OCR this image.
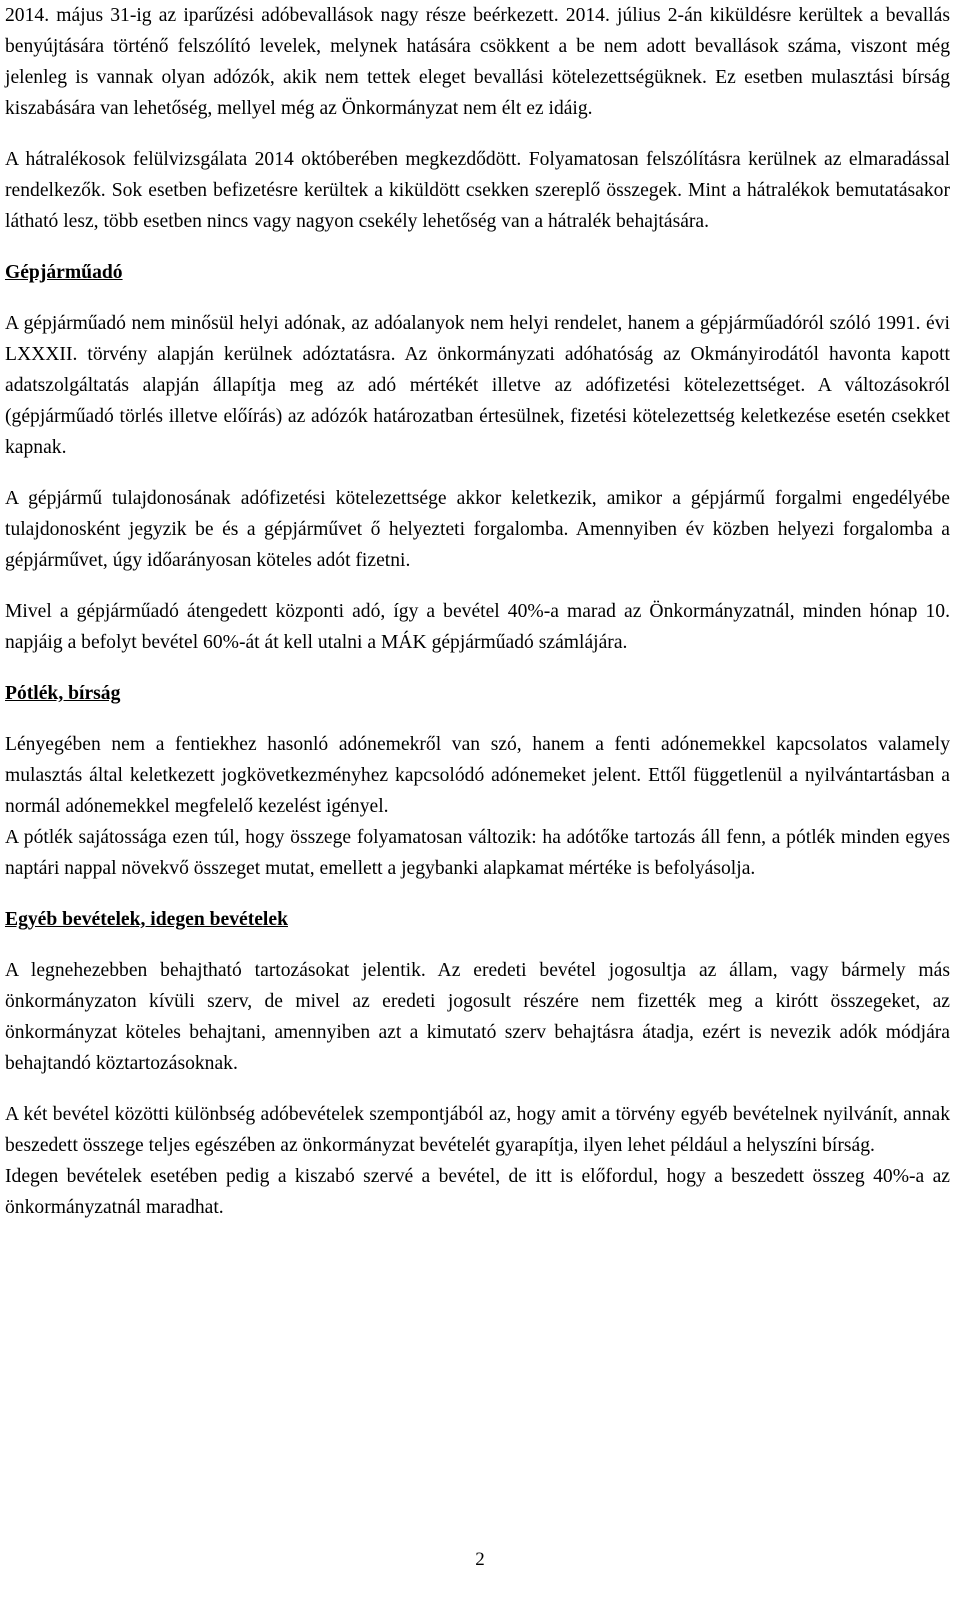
2014. május 31-ig az iparűzési adóbevallások nagy része beérkezett. 2014. július 2-án kiküldésre kerültek a bevallás benyújtására történő felszólító levelek, melynek hatására csökkent a be nem adott bevallások száma, viszont még jelenleg is vannak olyan adózók, akik nem tettek eleget bevallási kötelezettségüknek. Ez esetben mulasztási bírság kiszabására van lehetőség, mellyel még az Önkormányzat nem élt ez idáig.

A hátralékosok felülvizsgálata 2014 októberében megkezdődött. Folyamatosan felszólításra kerülnek az elmaradással rendelkezők. Sok esetben befizetésre kerültek a kiküldött csekken szereplő összegek. Mint a hátralékok bemutatásakor látható lesz, több esetben nincs vagy nagyon csekély lehetőség van a hátralék behajtására.

Gépjárműadó

A gépjárműadó nem minősül helyi adónak, az adóalanyok nem helyi rendelet, hanem a gépjárműadóról szóló 1991. évi LXXXII. törvény alapján kerülnek adóztatásra. Az önkormányzati adóhatóság az Okmányirodától havonta kapott adatszolgáltatás alapján állapítja meg az adó mértékét illetve az adófizetési kötelezettséget. A változásokról (gépjárműadó törlés illetve előírás) az adózók határozatban értesülnek, fizetési kötelezettség keletkezése esetén csekket kapnak.

A gépjármű tulajdonosának adófizetési kötelezettsége akkor keletkezik, amikor a gépjármű forgalmi engedélyébe tulajdonosként jegyzik be és a gépjárművet ő helyezteti forgalomba. Amennyiben év közben helyezi forgalomba a gépjárművet, úgy időarányosan köteles adót fizetni.

Mivel a gépjárműadó átengedett központi adó, így a bevétel 40%-a marad az Önkormányzatnál, minden hónap 10. napjáig a befolyt bevétel 60%-át át kell utalni a MÁK gépjárműadó számlájára.

Pótlék, bírság

Lényegében nem a fentiekhez hasonló adónemekről van szó, hanem a fenti adónemekkel kapcsolatos valamely mulasztás által keletkezett jogkövetkezményhez kapcsolódó adónemeket jelent. Ettől függetlenül a nyilvántartásban a normál adónemekkel megfelelő kezelést igényel.

A pótlék sajátossága ezen túl, hogy összege folyamatosan változik: ha adótőke tartozás áll fenn, a pótlék minden egyes naptári nappal növekvő összeget mutat, emellett a jegybanki alapkamat mértéke is befolyásolja.

Egyéb bevételek, idegen bevételek

A legnehezebben behajtható tartozásokat jelentik. Az eredeti bevétel jogosultja az állam, vagy bármely más önkormányzaton kívüli szerv, de mivel az eredeti jogosult részére nem fizették meg a kirótt összegeket, az önkormányzat köteles behajtani, amennyiben azt a kimutató szerv behajtásra átadja, ezért is nevezik adók módjára behajtandó köztartozásoknak.

A két bevétel közötti különbség adóbevételek szempontjából az, hogy amit a törvény egyéb bevételnek nyilvánít, annak beszedett összege teljes egészében az önkormányzat bevételét gyarapítja, ilyen lehet például a helyszíni bírság.

Idegen bevételek esetében pedig a kiszabó szervé a bevétel, de itt is előfordul, hogy a beszedett összeg 40%-a az önkormányzatnál maradhat.

2
